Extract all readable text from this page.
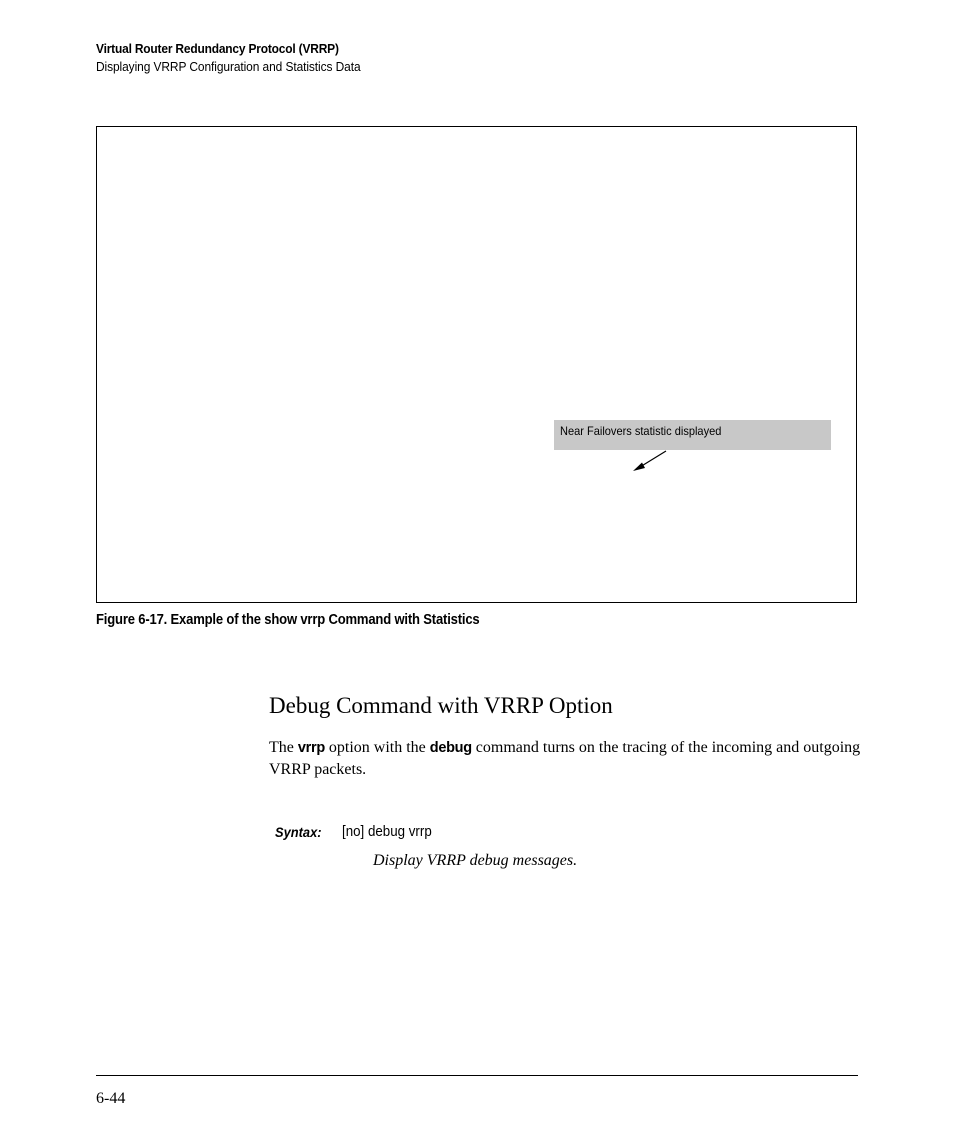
Virtual Router Redundancy Protocol (VRRP)
Displaying VRRP Configuration and Statistics Data
Near Failovers statistic displayed
Figure 6-17. Example of the show vrrp Command with Statistics
Debug Command with VRRP Option
The vrrp option with the debug command turns on the tracing of the incoming and outgoing VRRP packets.
Syntax: [no] debug vrrp
Display VRRP debug messages.
6-44
